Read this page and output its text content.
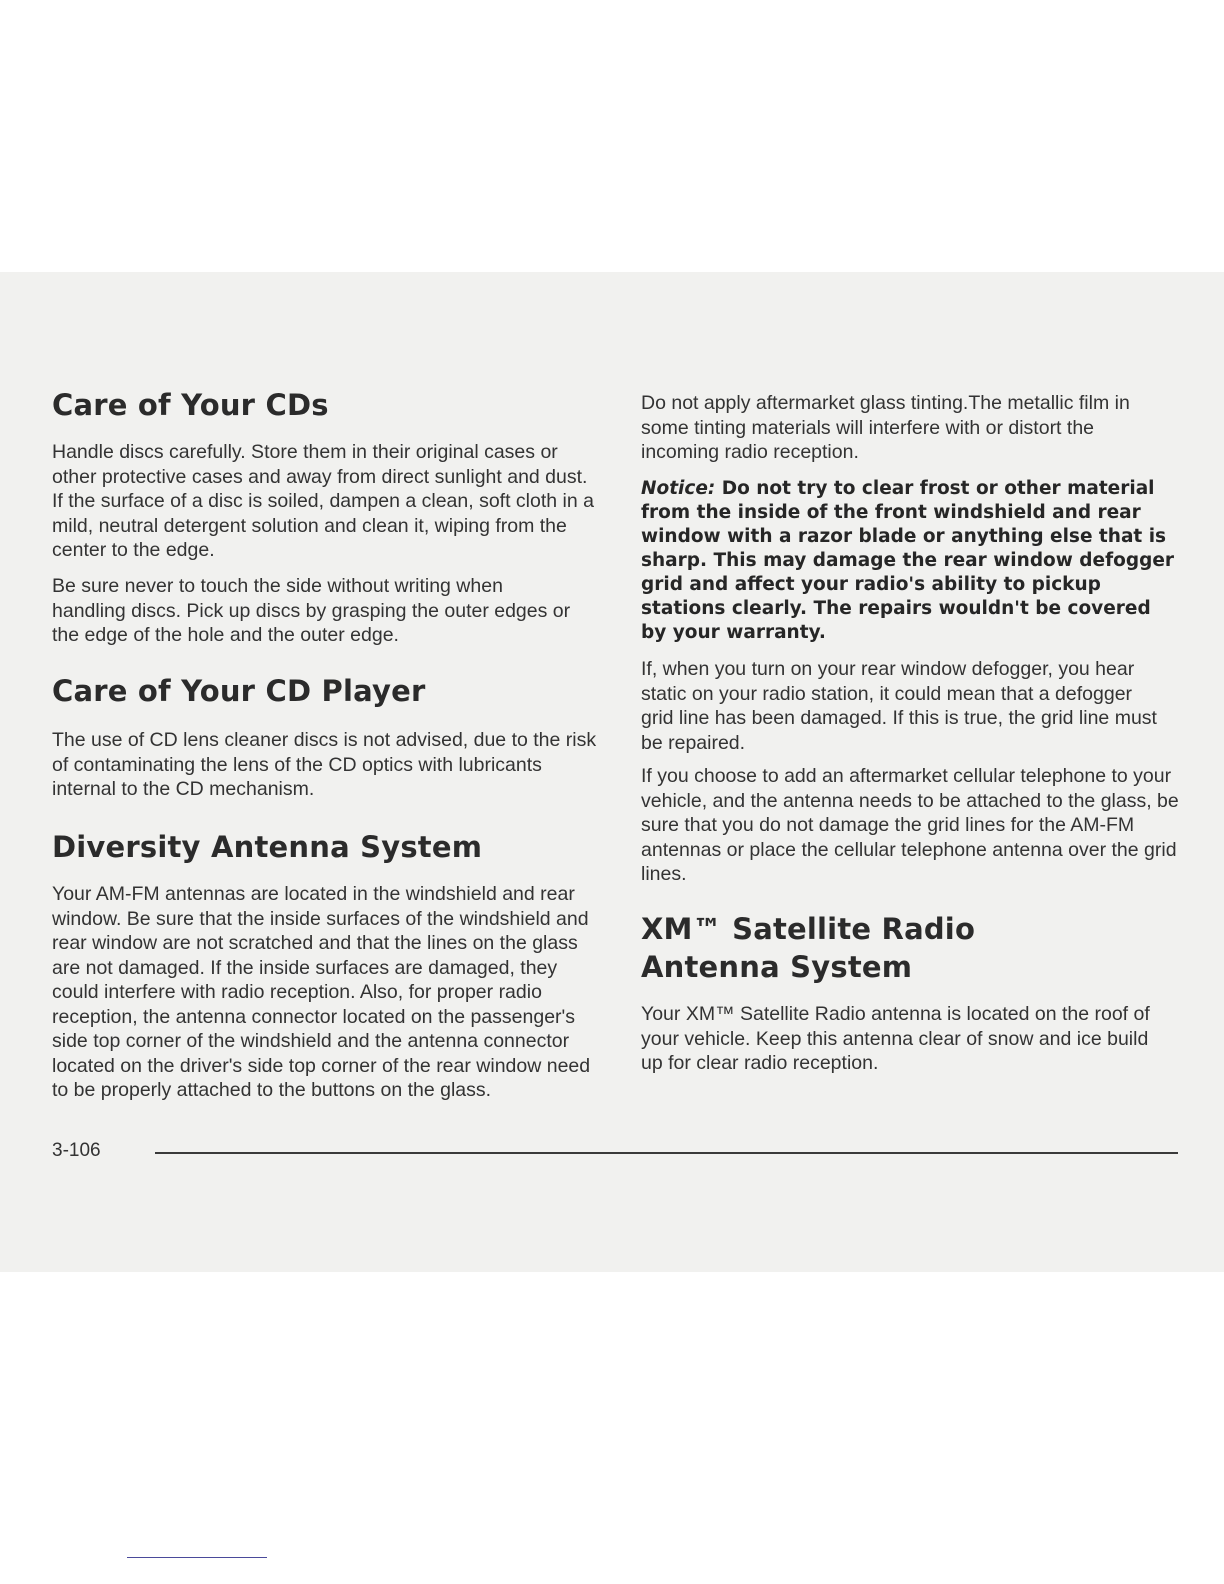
Care of Your CDs

Handle discs carefully. Store them in their original cases or other protective cases and away from direct sunlight and dust. If the surface of a disc is soiled, dampen a clean, soft cloth in a mild, neutral detergent solution and clean it, wiping from the center to the edge.

Be sure never to touch the side without writing when handling discs. Pick up discs by grasping the outer edges or the edge of the hole and the outer edge.

Care of Your CD Player

The use of CD lens cleaner discs is not advised, due to the risk of contaminating the lens of the CD optics with lubricants internal to the CD mechanism.

Diversity Antenna System

Your AM-FM antennas are located in the windshield and rear window. Be sure that the inside surfaces of the windshield and rear window are not scratched and that the lines on the glass are not damaged. If the inside surfaces are damaged, they could interfere with radio reception. Also, for proper radio reception, the antenna connector located on the passenger's side top corner of the windshield and the antenna connector located on the driver's side top corner of the rear window need to be properly attached to the buttons on the glass.

Do not apply aftermarket glass tinting.The metallic film in some tinting materials will interfere with or distort the incoming radio reception.

Notice: Do not try to clear frost or other material from the inside of the front windshield and rear window with a razor blade or anything else that is sharp. This may damage the rear window defogger grid and affect your radio's ability to pickup stations clearly. The repairs wouldn't be covered by your warranty.

If, when you turn on your rear window defogger, you hear static on your radio station, it could mean that a defogger grid line has been damaged. If this is true, the grid line must be repaired.

If you choose to add an aftermarket cellular telephone to your vehicle, and the antenna needs to be attached to the glass, be sure that you do not damage the grid lines for the AM-FM antennas or place the cellular telephone antenna over the grid lines.

XM™ Satellite Radio Antenna System

Your XM™ Satellite Radio antenna is located on the roof of your vehicle. Keep this antenna clear of snow and ice build up for clear radio reception.

3-106
